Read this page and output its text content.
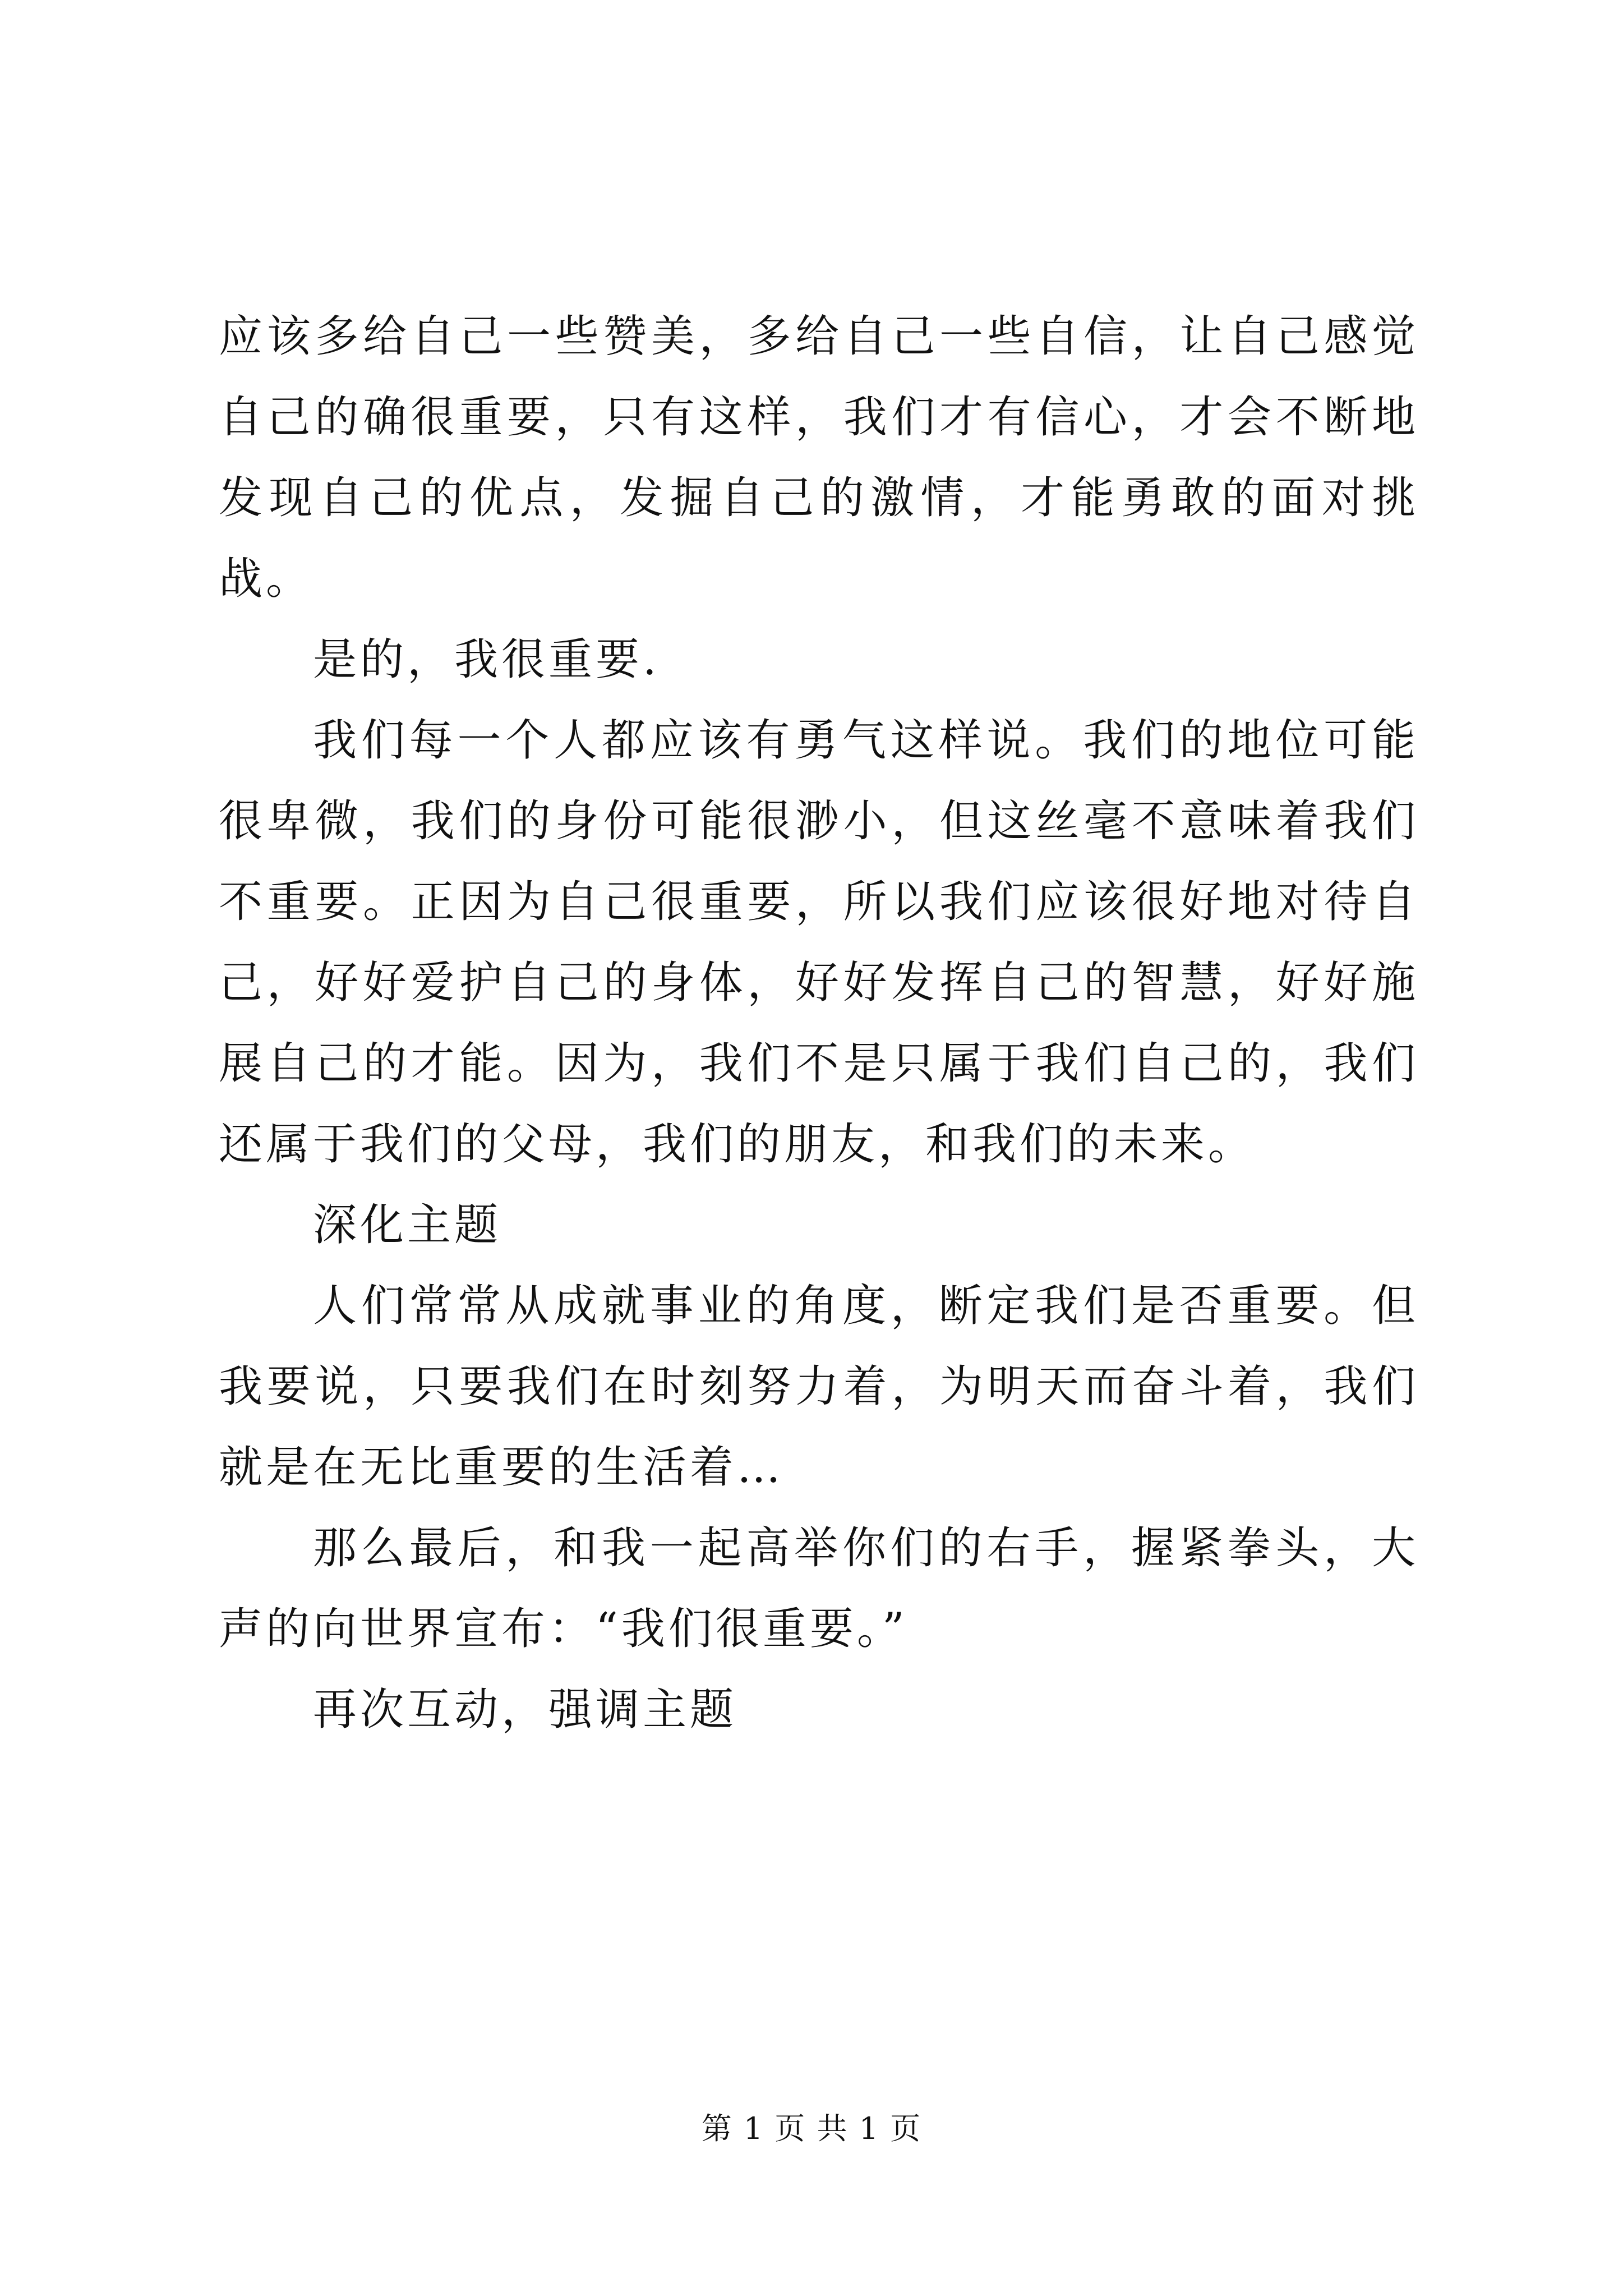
应该多给自己一些赞美，多给自己一些自信，让自己感觉自己的确很重要，只有这样，我们才有信心，才会不断地发现自己的优点，发掘自己的激情，才能勇敢的面对挑战。

是的，我很重要.

我们每一个人都应该有勇气这样说。我们的地位可能很卑微，我们的身份可能很渺小，但这丝毫不意味着我们不重要。正因为自己很重要，所以我们应该很好地对待自己，好好爱护自己的身体，好好发挥自己的智慧，好好施展自己的才能。因为，我们不是只属于我们自己的，我们还属于我们的父母，我们的朋友，和我们的未来。

深化主题

人们常常从成就事业的角度，断定我们是否重要。但我要说，只要我们在时刻努力着，为明天而奋斗着，我们就是在无比重要的生活着…

那么最后，和我一起高举你们的右手，握紧拳头，大声的向世界宣布：“我们很重要。”

再次互动，强调主题

第 1 页 共 1 页
